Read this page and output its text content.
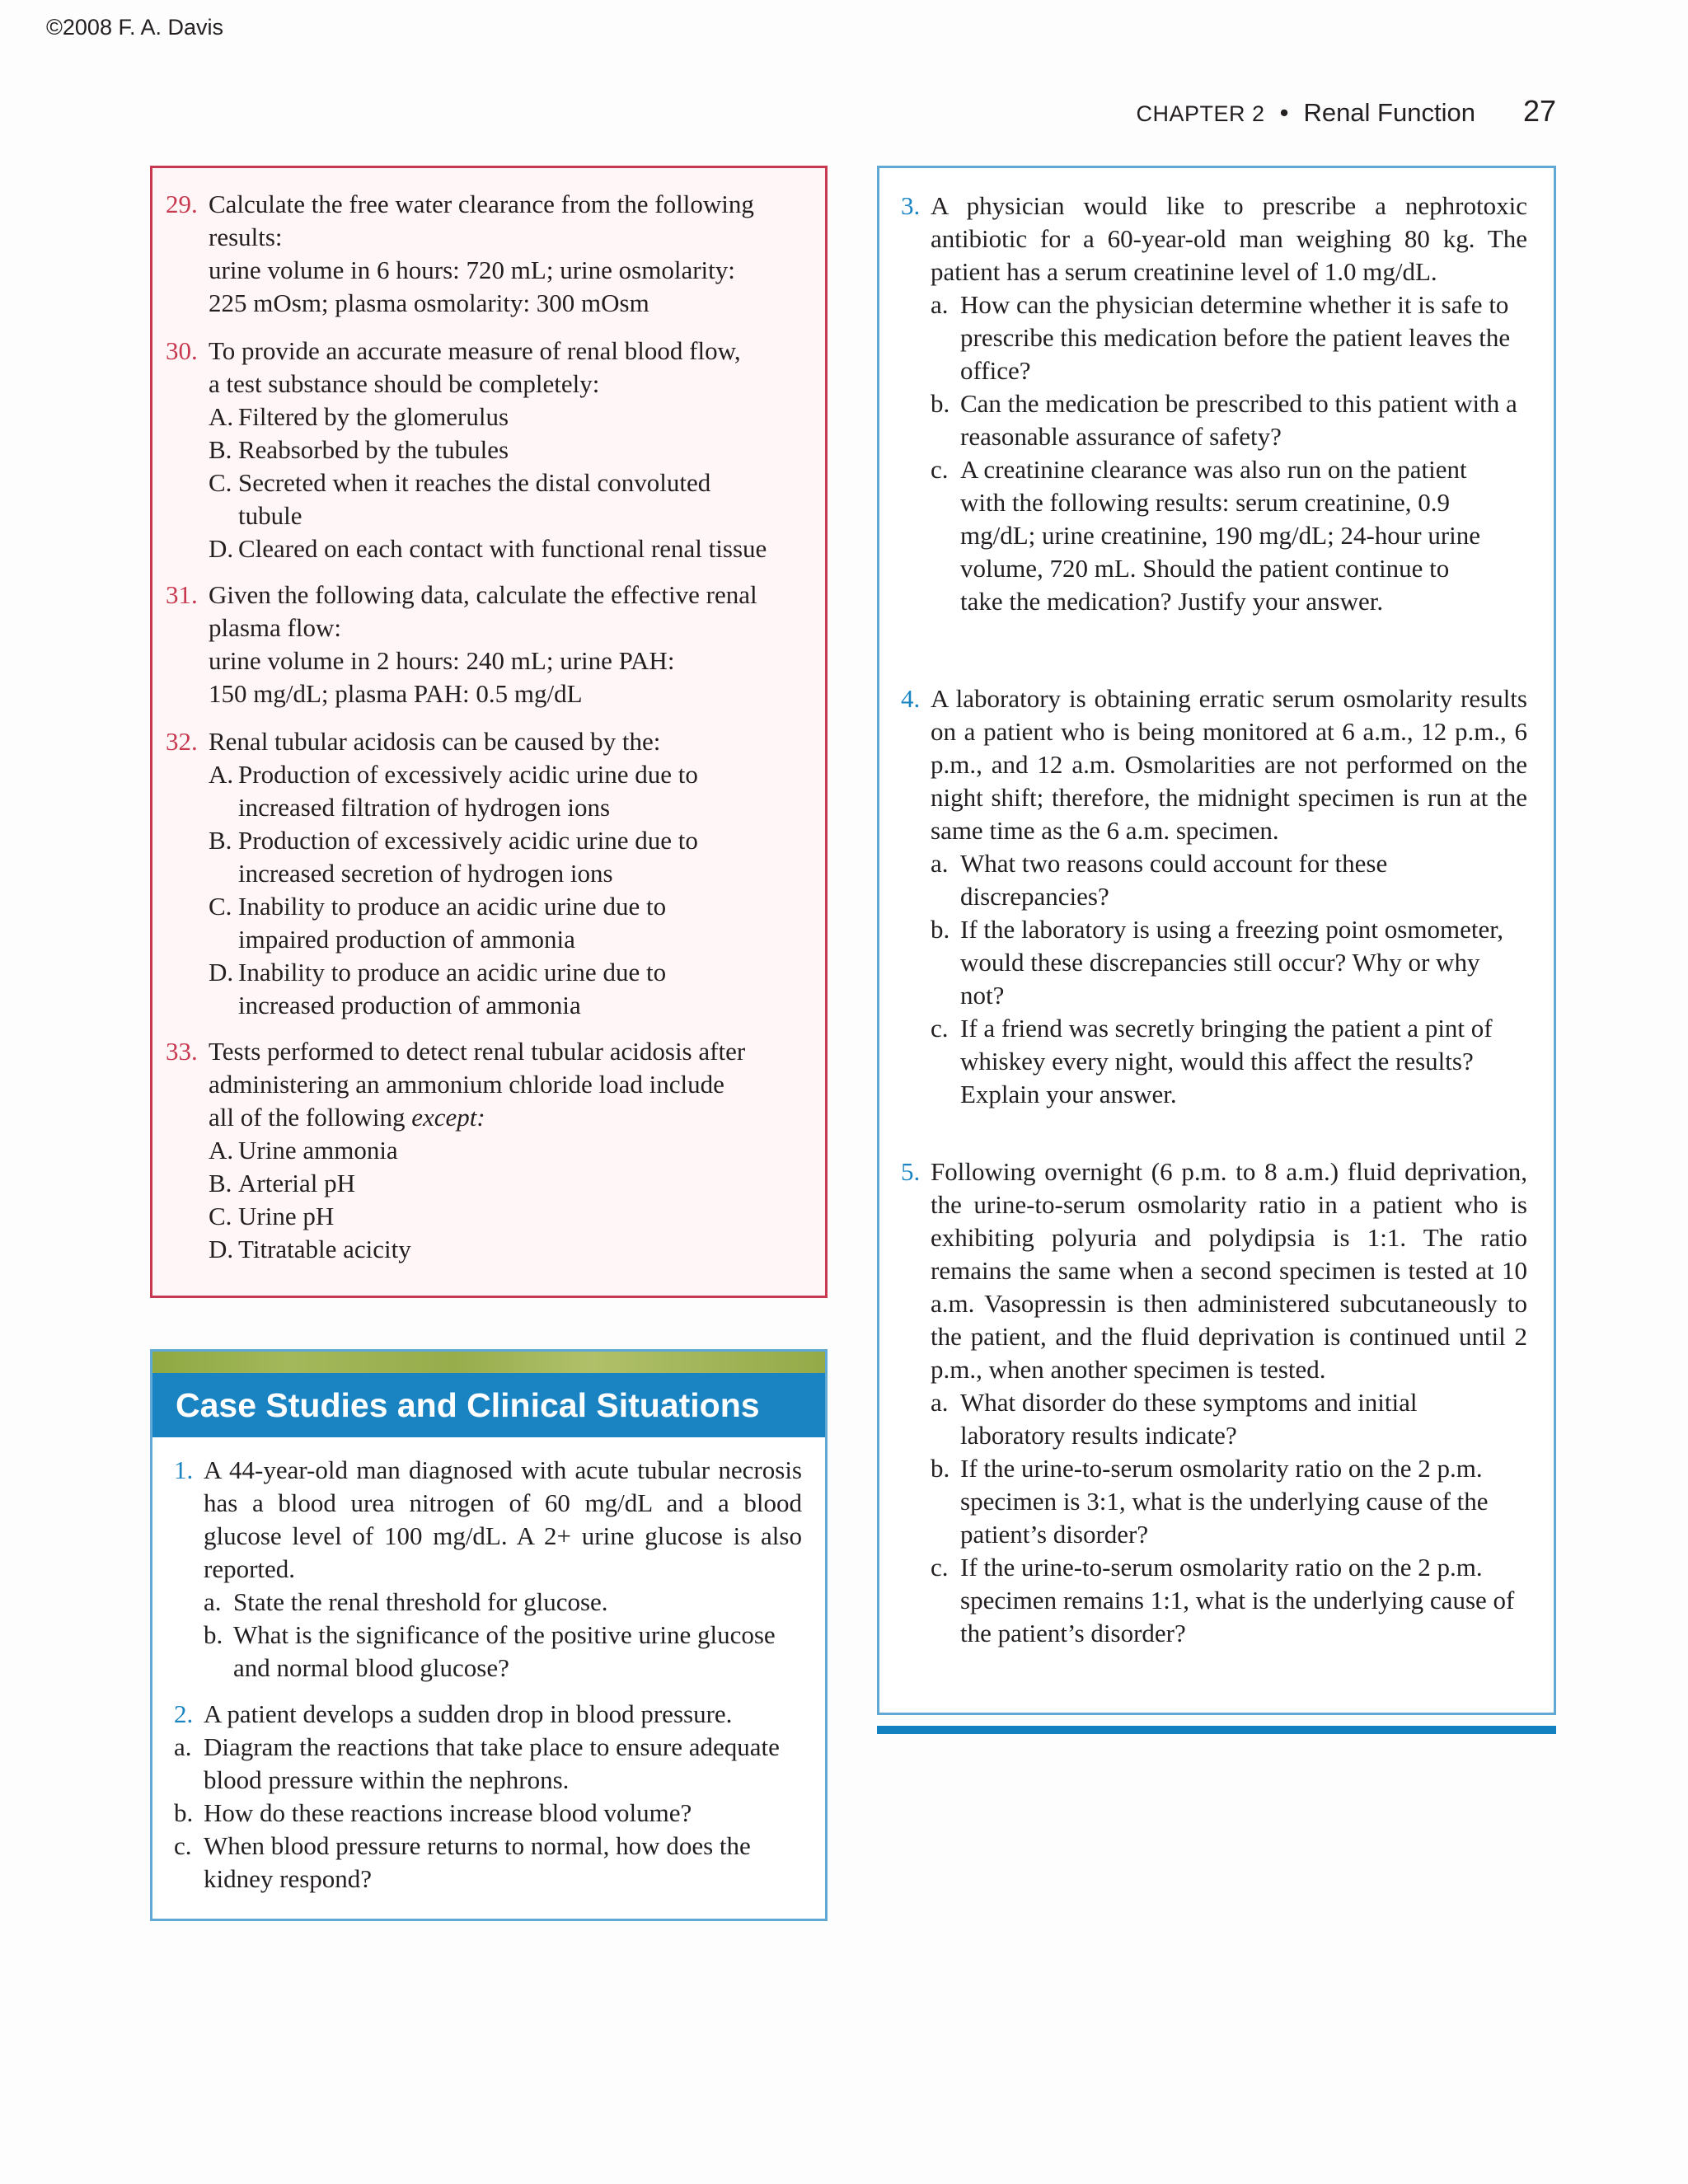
©2008 F. A. Davis
CHAPTER 2 • Renal Function 27
29. Calculate the free water clearance from the following
results:
urine volume in 6 hours: 720 mL; urine osmolarity:
225 mOsm; plasma osmolarity: 300 mOsm
30. To provide an accurate measure of renal blood flow,
a test substance should be completely:
A. Filtered by the glomerulus
B. Reabsorbed by the tubules
C. Secreted when it reaches the distal convoluted tubule
D. Cleared on each contact with functional renal tissue
31. Given the following data, calculate the effective renal
plasma flow:
urine volume in 2 hours: 240 mL; urine PAH:
150 mg/dL; plasma PAH: 0.5 mg/dL
32. Renal tubular acidosis can be caused by the:
A. Production of excessively acidic urine due to increased filtration of hydrogen ions
B. Production of excessively acidic urine due to increased secretion of hydrogen ions
C. Inability to produce an acidic urine due to impaired production of ammonia
D. Inability to produce an acidic urine due to increased production of ammonia
33. Tests performed to detect renal tubular acidosis after
administering an ammonium chloride load include
all of the following except:
A. Urine ammonia
B. Arterial pH
C. Urine pH
D. Titratable acicity
Case Studies and Clinical Situations
1. A 44-year-old man diagnosed with acute tubular necrosis has a blood urea nitrogen of 60 mg/dL and a blood glucose level of 100 mg/dL. A 2+ urine glucose is also reported.
a. State the renal threshold for glucose.
b. What is the significance of the positive urine glucose and normal blood glucose?
2. A patient develops a sudden drop in blood pressure.
a. Diagram the reactions that take place to ensure adequate blood pressure within the nephrons.
b. How do these reactions increase blood volume?
c. When blood pressure returns to normal, how does the kidney respond?
3. A physician would like to prescribe a nephrotoxic antibiotic for a 60-year-old man weighing 80 kg. The patient has a serum creatinine level of 1.0 mg/dL.
a. How can the physician determine whether it is safe to prescribe this medication before the patient leaves the office?
b. Can the medication be prescribed to this patient with a reasonable assurance of safety?
c. A creatinine clearance was also run on the patient with the following results: serum creatinine, 0.9 mg/dL; urine creatinine, 190 mg/dL; 24-hour urine volume, 720 mL. Should the patient continue to take the medication? Justify your answer.
4. A laboratory is obtaining erratic serum osmolarity results on a patient who is being monitored at 6 a.m., 12 p.m., 6 p.m., and 12 a.m. Osmolarities are not performed on the night shift; therefore, the midnight specimen is run at the same time as the 6 a.m. specimen.
a. What two reasons could account for these discrepancies?
b. If the laboratory is using a freezing point osmometer, would these discrepancies still occur? Why or why not?
c. If a friend was secretly bringing the patient a pint of whiskey every night, would this affect the results? Explain your answer.
5. Following overnight (6 p.m. to 8 a.m.) fluid deprivation, the urine-to-serum osmolarity ratio in a patient who is exhibiting polyuria and polydipsia is 1:1. The ratio remains the same when a second specimen is tested at 10 a.m. Vasopressin is then administered subcutaneously to the patient, and the fluid deprivation is continued until 2 p.m., when another specimen is tested.
a. What disorder do these symptoms and initial laboratory results indicate?
b. If the urine-to-serum osmolarity ratio on the 2 p.m. specimen is 3:1, what is the underlying cause of the patient’s disorder?
c. If the urine-to-serum osmolarity ratio on the 2 p.m. specimen remains 1:1, what is the underlying cause of the patient’s disorder?
